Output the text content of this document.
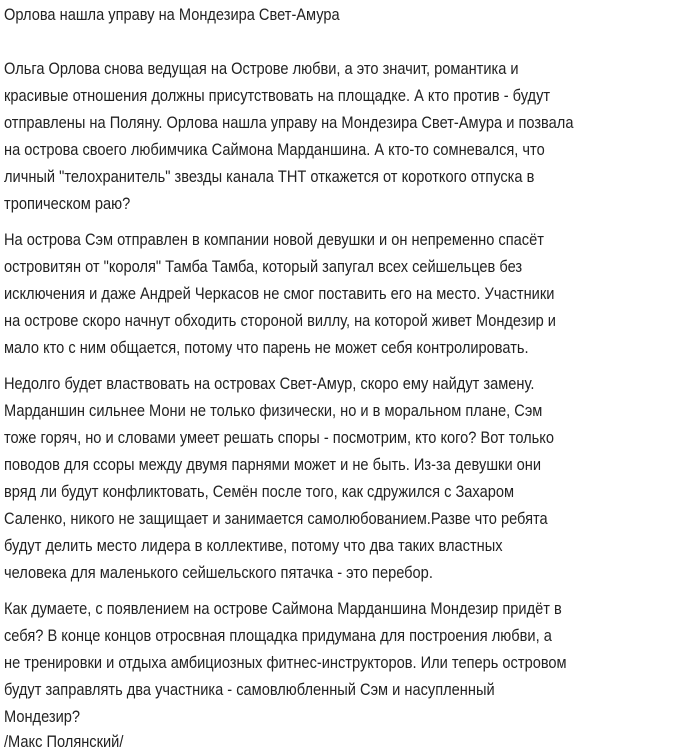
Орлова нашла управу на Мондезира Свет-Амура
Ольга Орлова снова ведущая на Острове любви, а это значит, романтика и
красивые отношения должны присутствовать на площадке. А кто против - будут
отправлены на Поляну. Орлова нашла управу на Мондезира Свет-Амура и позвала
на острова своего любимчика Саймона Марданшина. А кто-то сомневался, что
личный "телохранитель" звезды канала ТНТ откажется от короткого отпуска в
тропическом раю?
На острова Сэм отправлен в компании новой девушки и он непременно спасёт
островитян от "короля" Тамба Тамба, который запугал всех сейшельцев без
исключения и даже Андрей Черкасов не смог поставить его на место. Участники
на острове скоро начнут обходить стороной виллу, на которой живет Мондезир и
мало кто с ним общается, потому что парень не может себя контролировать.
Недолго будет властвовать на островах Свет-Амур, скоро ему найдут замену.
Марданшин сильнее Мони не только физически, но и в моральном плане, Сэм
тоже горяч, но и словами умеет решать споры - посмотрим, кто кого? Вот только
поводов для ссоры между двумя парнями может и не быть. Из-за девушки они
вряд ли будут конфликтовать, Семён после того, как сдружился с Захаром
Саленко, никого не защищает и занимается самолюбованием.Разве что ребята
будут делить место лидера в коллективе, потому что два таких властных
человека для маленького сейшельского пятачка - это перебор.
Как думаете, с появлением на острове Саймона Марданшина Мондезир придёт в
себя? В конце концов отросвная площадка придумана для построения любви, а
не тренировки и отдыха амбициозных фитнес-инструкторов. Или теперь островом
будут заправлять два участника - самовлюбленный Сэм и насупленный
Мондезир?
/Макс Полянский/
